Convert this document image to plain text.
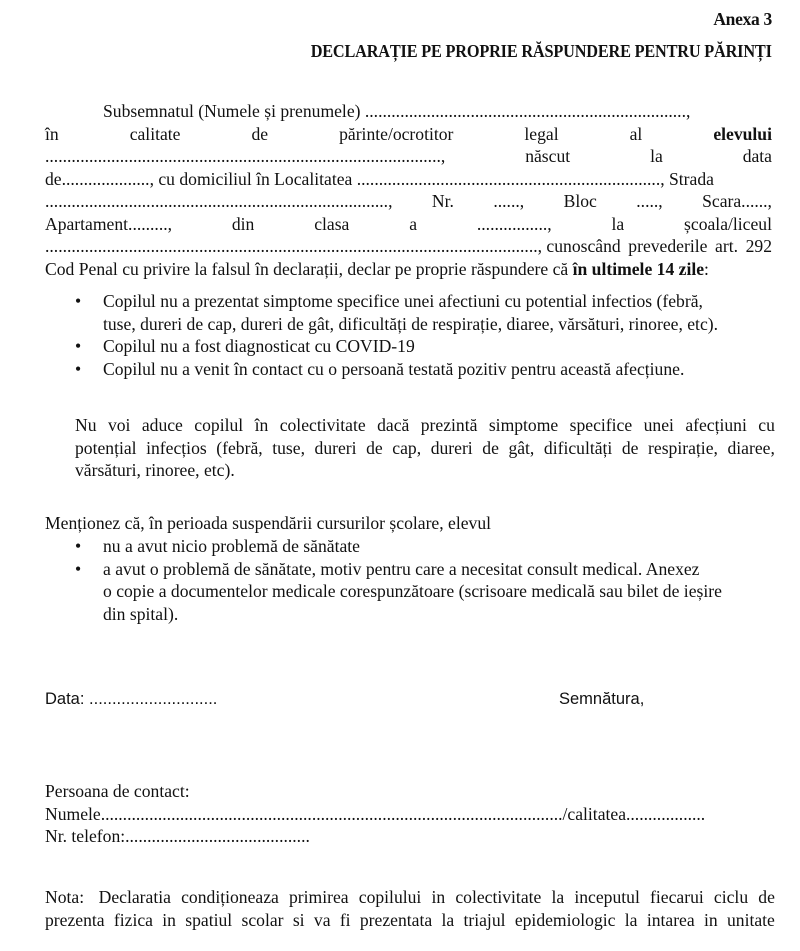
Anexa 3
DECLARAȚIE PE PROPRIE RĂSPUNDERE PENTRU PĂRINȚI
Subsemnatul (Numele și prenumele) .........................................................................,
în	calitate	de	părinte/ocrotitor	legal	al	elevului
..........................................................................................,	născut	la	data
de...................., cu domiciliul în Localitatea ....................................................................., Strada
.............................................................................., Nr. ......, Bloc ....., Scara......,
Apartament.........,	din	clasa	a	................,	la	școala/liceul
................................................................................................................, cunoscând prevederile art. 292
Cod Penal cu privire la falsul în declarații, declar pe proprie răspundere că în ultimele 14 zile :
• Copilul nu a prezentat simptome specifice unei afectiuni cu potential infectios (febră,
tuse, dureri de cap, dureri de gât, dificultăți de respirație, diaree, vărsături, rinoree, etc).
• Copilul nu a fost diagnosticat cu COVID-19
• Copilul nu a venit în contact cu o persoană testată pozitiv pentru această afecțiune.
Nu voi aduce copilul în colectivitate dacă prezintă simptome specifice unei afecțiuni cu
potențial infecțios (febră, tuse, dureri de cap, dureri de gât, dificultăți de respirație, diaree,
vărsături, rinoree, etc).
Menționez că, în perioada suspendării cursurilor școlare, elevul
• nu a avut nicio problemă de sănătate
• a avut o problemă de sănătate, motiv pentru care a necesitat consult medical. Anexez
o copie a documentelor medicale corespunzătoare (scrisoare medicală sau bilet de ieșire
din spital).
Data: ............................	Semnătura,
Persoana de contact:
Numele........................................................................................................./calitatea..................
Nr. telefon:..........................................
Nota: Declaratia condiționeaza primirea copilului in colectivitate la inceputul fiecarui ciclu de
prezenta fizica in spatiul scolar si va fi prezentata la triajul epidemiologic la intarea in unitate
